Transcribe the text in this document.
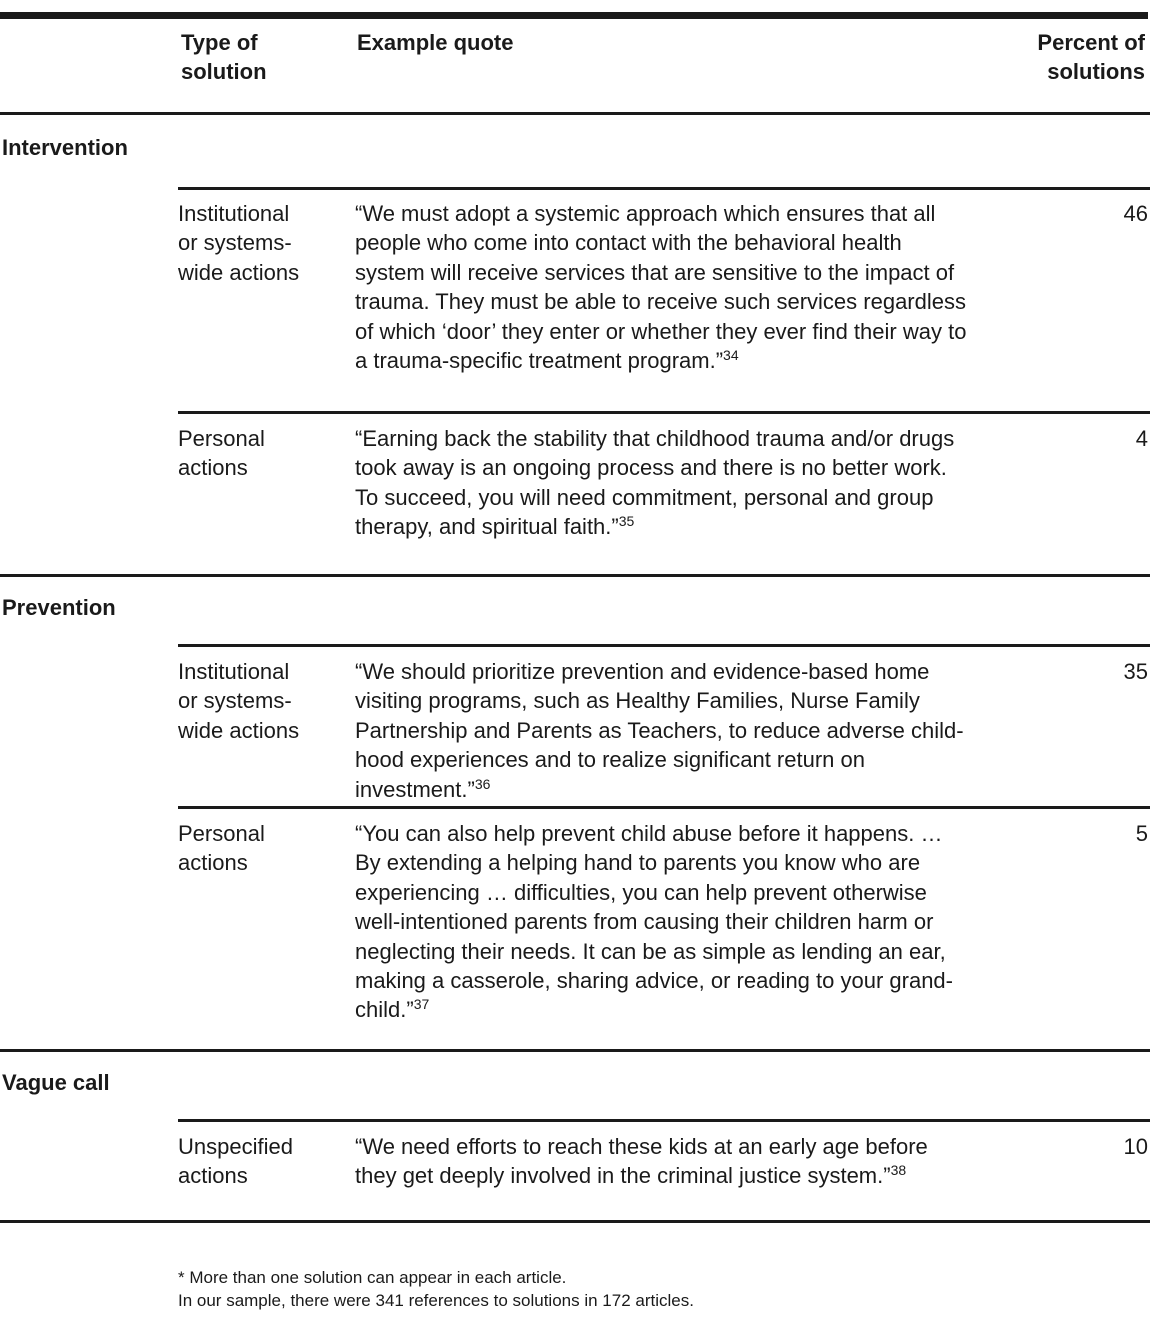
Type of
solution
Example quote	Percent of
solutions
Intervention
Institutional
or systems-
wide actions
“We must adopt a systemic approach which ensures that all
people who come into contact with the behavioral health
system will receive services that are sensitive to the impact of
trauma. They must be able to receive such services regardless
of which ‘door’ they enter or whether they ever find their way to
a trauma-specific treatment program.”$^{34}$
46
Personal
actions
“Earning back the stability that childhood trauma and/or drugs
took away is an ongoing process and there is no better work.
To succeed, you will need commitment, personal and group
therapy, and spiritual faith.”$^{35}$
4
Prevention
Institutional
or systems-
wide actions
“We should prioritize prevention and evidence-based home
visiting programs, such as Healthy Families, Nurse Family
Partnership and Parents as Teachers, to reduce adverse child-
hood experiences and to realize significant return on
investment.”$^{36}$
35
Personal
actions
“You can also help prevent child abuse before it happens. …
By extending a helping hand to parents you know who are
experiencing … difficulties, you can help prevent otherwise
well-intentioned parents from causing their children harm or
neglecting their needs. It can be as simple as lending an ear,
making a casserole, sharing advice, or reading to your grand-
child.”$^{37}$
5
Vague call
Unspecified
actions
“We need efforts to reach these kids at an early age before
they get deeply involved in the criminal justice system.”$^{38}$
10
* More than one solution can appear in each article.
In our sample, there were 341 references to solutions in 172 articles.
